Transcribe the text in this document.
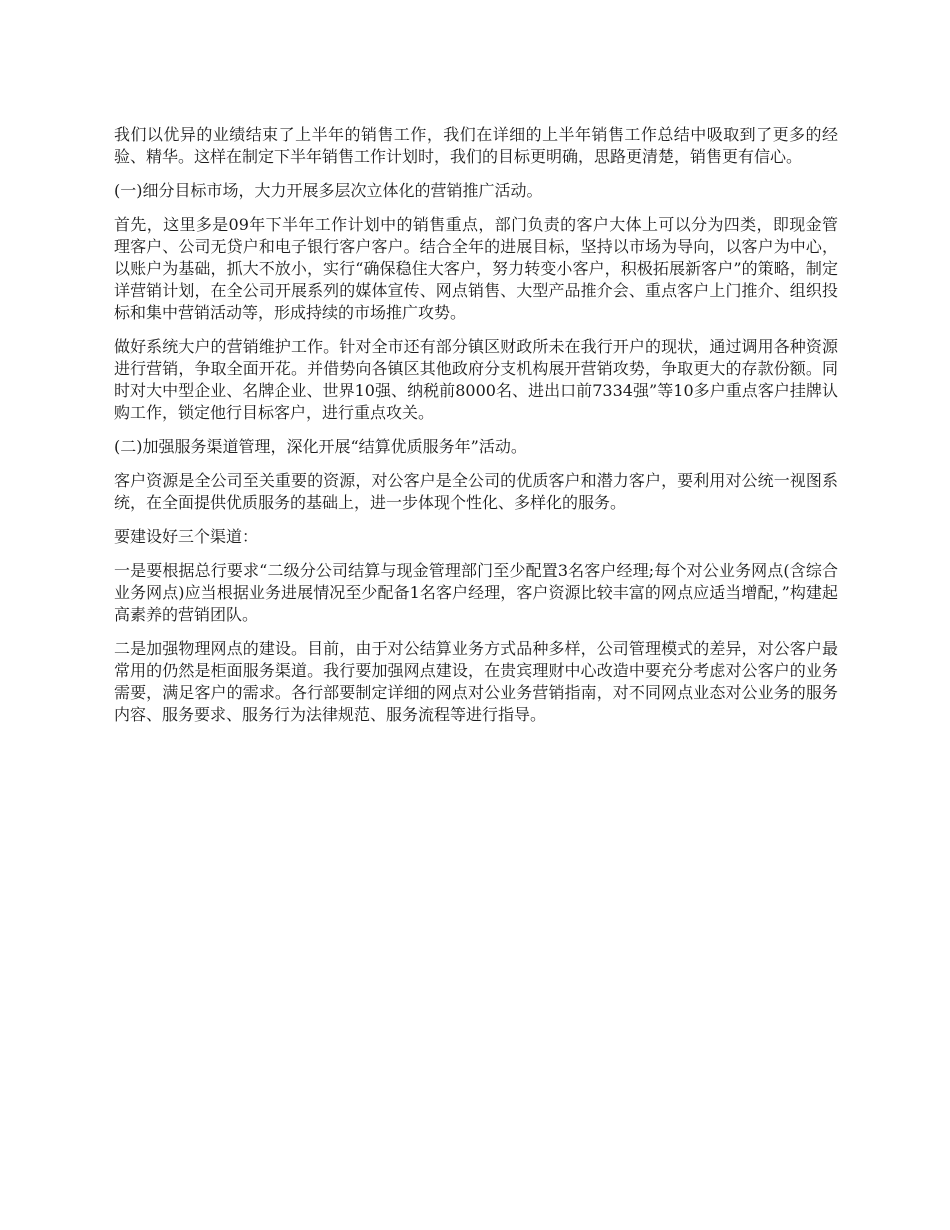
我们以优异的业绩结束了上半年的销售工作，我们在详细的上半年销售工作总结中吸取到了更多的经验、精华。这样在制定下半年销售工作计划时，我们的目标更明确，思路更清楚，销售更有信心。

(一)细分目标市场，大力开展多层次立体化的营销推广活动。

首先，这里多是09年下半年工作计划中的销售重点，部门负责的客户大体上可以分为四类，即现金管理客户、公司无贷户和电子银行客户客户。结合全年的进展目标，坚持以市场为导向，以客户为中心，以账户为基础，抓大不放小，实行“确保稳住大客户，努力转变小客户，积极拓展新客户”的策略，制定详营销计划，在全公司开展系列的媒体宣传、网点销售、大型产品推介会、重点客户上门推介、组织投标和集中营销活动等，形成持续的市场推广攻势。

做好系统大户的营销维护工作。针对全市还有部分镇区财政所未在我行开户的现状，通过调用各种资源进行营销，争取全面开花。并借势向各镇区其他政府分支机构展开营销攻势，争取更大的存款份额。同时对大中型企业、名牌企业、世界10强、纳税前8000名、进出口前7334强”等10多户重点客户挂牌认购工作，锁定他行目标客户，进行重点攻关。

(二)加强服务渠道管理，深化开展“结算优质服务年”活动。

客户资源是全公司至关重要的资源，对公客户是全公司的优质客户和潜力客户，要利用对公统一视图系统，在全面提供优质服务的基础上，进一步体现个性化、多样化的服务。

要建设好三个渠道：

一是要根据总行要求“二级分公司结算与现金管理部门至少配置3名客户经理;每个对公业务网点(含综合业务网点)应当根据业务进展情况至少配备1名客户经理，客户资源比较丰富的网点应适当增配，”构建起高素养的营销团队。

二是加强物理网点的建设。目前，由于对公结算业务方式品种多样，公司管理模式的差异，对公客户最常用的仍然是柜面服务渠道。我行要加强网点建设，在贵宾理财中心改造中要充分考虑对公客户的业务需要，满足客户的需求。各行部要制定详细的网点对公业务营销指南，对不同网点业态对公业务的服务内容、服务要求、服务行为法律规范、服务流程等进行指导。
